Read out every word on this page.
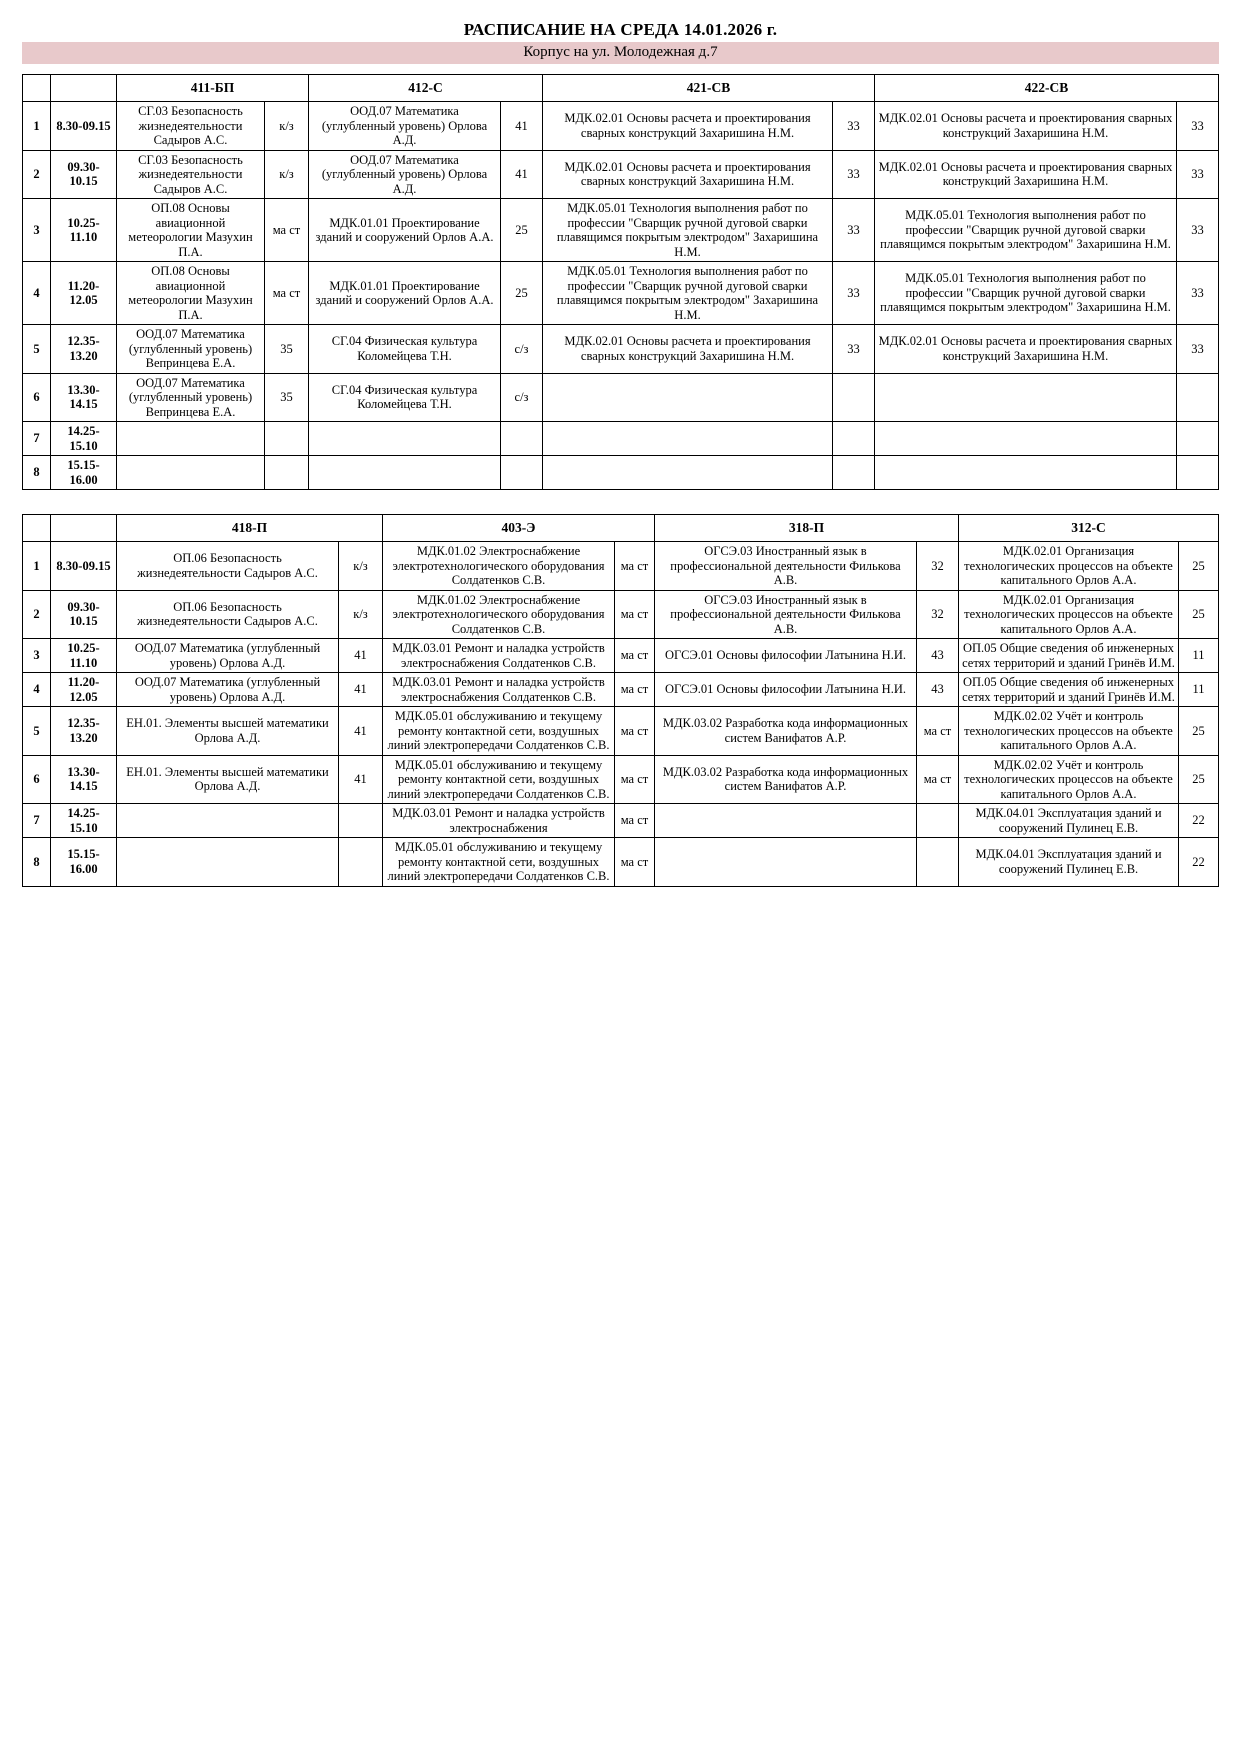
РАСПИСАНИЕ НА СРЕДА 14.01.2026 г.
Корпус на ул. Молодежная д.7
		411-БП		412-С		421-СВ		422-СВ	
1	8.30-09.15	СГ.03 Безопасность жизнедеятельности Садыров А.С.	к/з	ООД.07 Математика (углубленный уровень) Орлова А.Д.	41	МДК.02.01 Основы расчета и проектирования сварных конструкций Захаришина Н.М.	33	МДК.02.01 Основы расчета и проектирования сварных конструкций Захаришина Н.М.	33
2	09.30-10.15	СГ.03 Безопасность жизнедеятельности Садыров А.С.	к/з	ООД.07 Математика (углубленный уровень) Орлова А.Д.	41	МДК.02.01 Основы расчета и проектирования сварных конструкций Захаришина Н.М.	33	МДК.02.01 Основы расчета и проектирования сварных конструкций Захаришина Н.М.	33
3	10.25-11.10	ОП.08 Основы авиационной метеорологии Мазухин П.А.	ма ст	МДК.01.01 Проектирование зданий и сооружений Орлов А.А.	25	МДК.05.01 Технология выполнения работ по профессии "Сварщик ручной дуговой сварки плавящимся покрытым электродом" Захаришина Н.М.	33	МДК.05.01 Технология выполнения работ по профессии "Сварщик ручной дуговой сварки плавящимся покрытым электродом" Захаришина Н.М.	33
4	11.20-12.05	ОП.08 Основы авиационной метеорологии Мазухин П.А.	ма ст	МДК.01.01 Проектирование зданий и сооружений Орлов А.А.	25	МДК.05.01 Технология выполнения работ по профессии "Сварщик ручной дуговой сварки плавящимся покрытым электродом" Захаришина Н.М.	33	МДК.05.01 Технология выполнения работ по профессии "Сварщик ручной дуговой сварки плавящимся покрытым электродом" Захаришина Н.М.	33
5	12.35-13.20	ООД.07 Математика (углубленный уровень) Вепринцева Е.А.	35	СГ.04 Физическая культура Коломейцева Т.Н.	с/з	МДК.02.01 Основы расчета и проектирования сварных конструкций Захаришина Н.М.	33	МДК.02.01 Основы расчета и проектирования сварных конструкций Захаришина Н.М.	33
6	13.30-14.15	ООД.07 Математика (углубленный уровень) Вепринцева Е.А.	35	СГ.04 Физическая культура Коломейцева Т.Н.	с/з				
7	14.25-15.10								
8	15.15-16.00								
		418-П		403-Э		318-П		312-С	
1	8.30-09.15	ОП.06 Безопасность жизнедеятельности Садыров А.С.	к/з	МДК.01.02 Электроснабжение электротехнологического оборудования Солдатенков С.В.	ма ст	ОГСЭ.03 Иностранный язык в профессиональной деятельности Филькова А.В.	32	МДК.02.01 Организация технологических процессов на объекте капитального Орлов А.А.	25
2	09.30-10.15	ОП.06 Безопасность жизнедеятельности Садыров А.С.	к/з	МДК.01.02 Электроснабжение электротехнологического оборудования Солдатенков С.В.	ма ст	ОГСЭ.03 Иностранный язык в профессиональной деятельности Филькова А.В.	32	МДК.02.01 Организация технологических процессов на объекте капитального Орлов А.А.	25
3	10.25-11.10	ООД.07 Математика (углубленный уровень) Орлова А.Д.	41	МДК.03.01 Ремонт и наладка устройств электроснабжения Солдатенков С.В.	ма ст	ОГСЭ.01 Основы философии Латынина Н.И.	43	ОП.05 Общие сведения об инженерных сетях территорий и зданий Гринёв И.М.	11
4	11.20-12.05	ООД.07 Математика (углубленный уровень) Орлова А.Д.	41	МДК.03.01 Ремонт и наладка устройств электроснабжения Солдатенков С.В.	ма ст	ОГСЭ.01 Основы философии Латынина Н.И.	43	ОП.05 Общие сведения об инженерных сетях территорий и зданий Гринёв И.М.	11
5	12.35-13.20	ЕН.01. Элементы высшей математики Орлова А.Д.	41	МДК.05.01 обслуживанию и текущему ремонту контактной сети, воздушных линий электропередачи Солдатенков С.В.	ма ст	МДК.03.02 Разработка кода информационных систем Ванифатов А.Р.	ма ст	МДК.02.02 Учёт и контроль технологических процессов на объекте капитального Орлов А.А.	25
6	13.30-14.15	ЕН.01. Элементы высшей математики Орлова А.Д.	41	МДК.05.01 обслуживанию и текущему ремонту контактной сети, воздушных линий электропередачи Солдатенков С.В.	ма ст	МДК.03.02 Разработка кода информационных систем Ванифатов А.Р.	ма ст	МДК.02.02 Учёт и контроль технологических процессов на объекте капитального Орлов А.А.	25
7	14.25-15.10			МДК.03.01 Ремонт и наладка устройств электроснабжения	ма ст			МДК.04.01 Эксплуатация зданий и сооружений Пулинец Е.В.	22
8	15.15-16.00			МДК.05.01 обслуживанию и текущему ремонту контактной сети, воздушных линий электропередачи Солдатенков С.В.	ма ст			МДК.04.01 Эксплуатация зданий и сооружений Пулинец Е.В.	22
